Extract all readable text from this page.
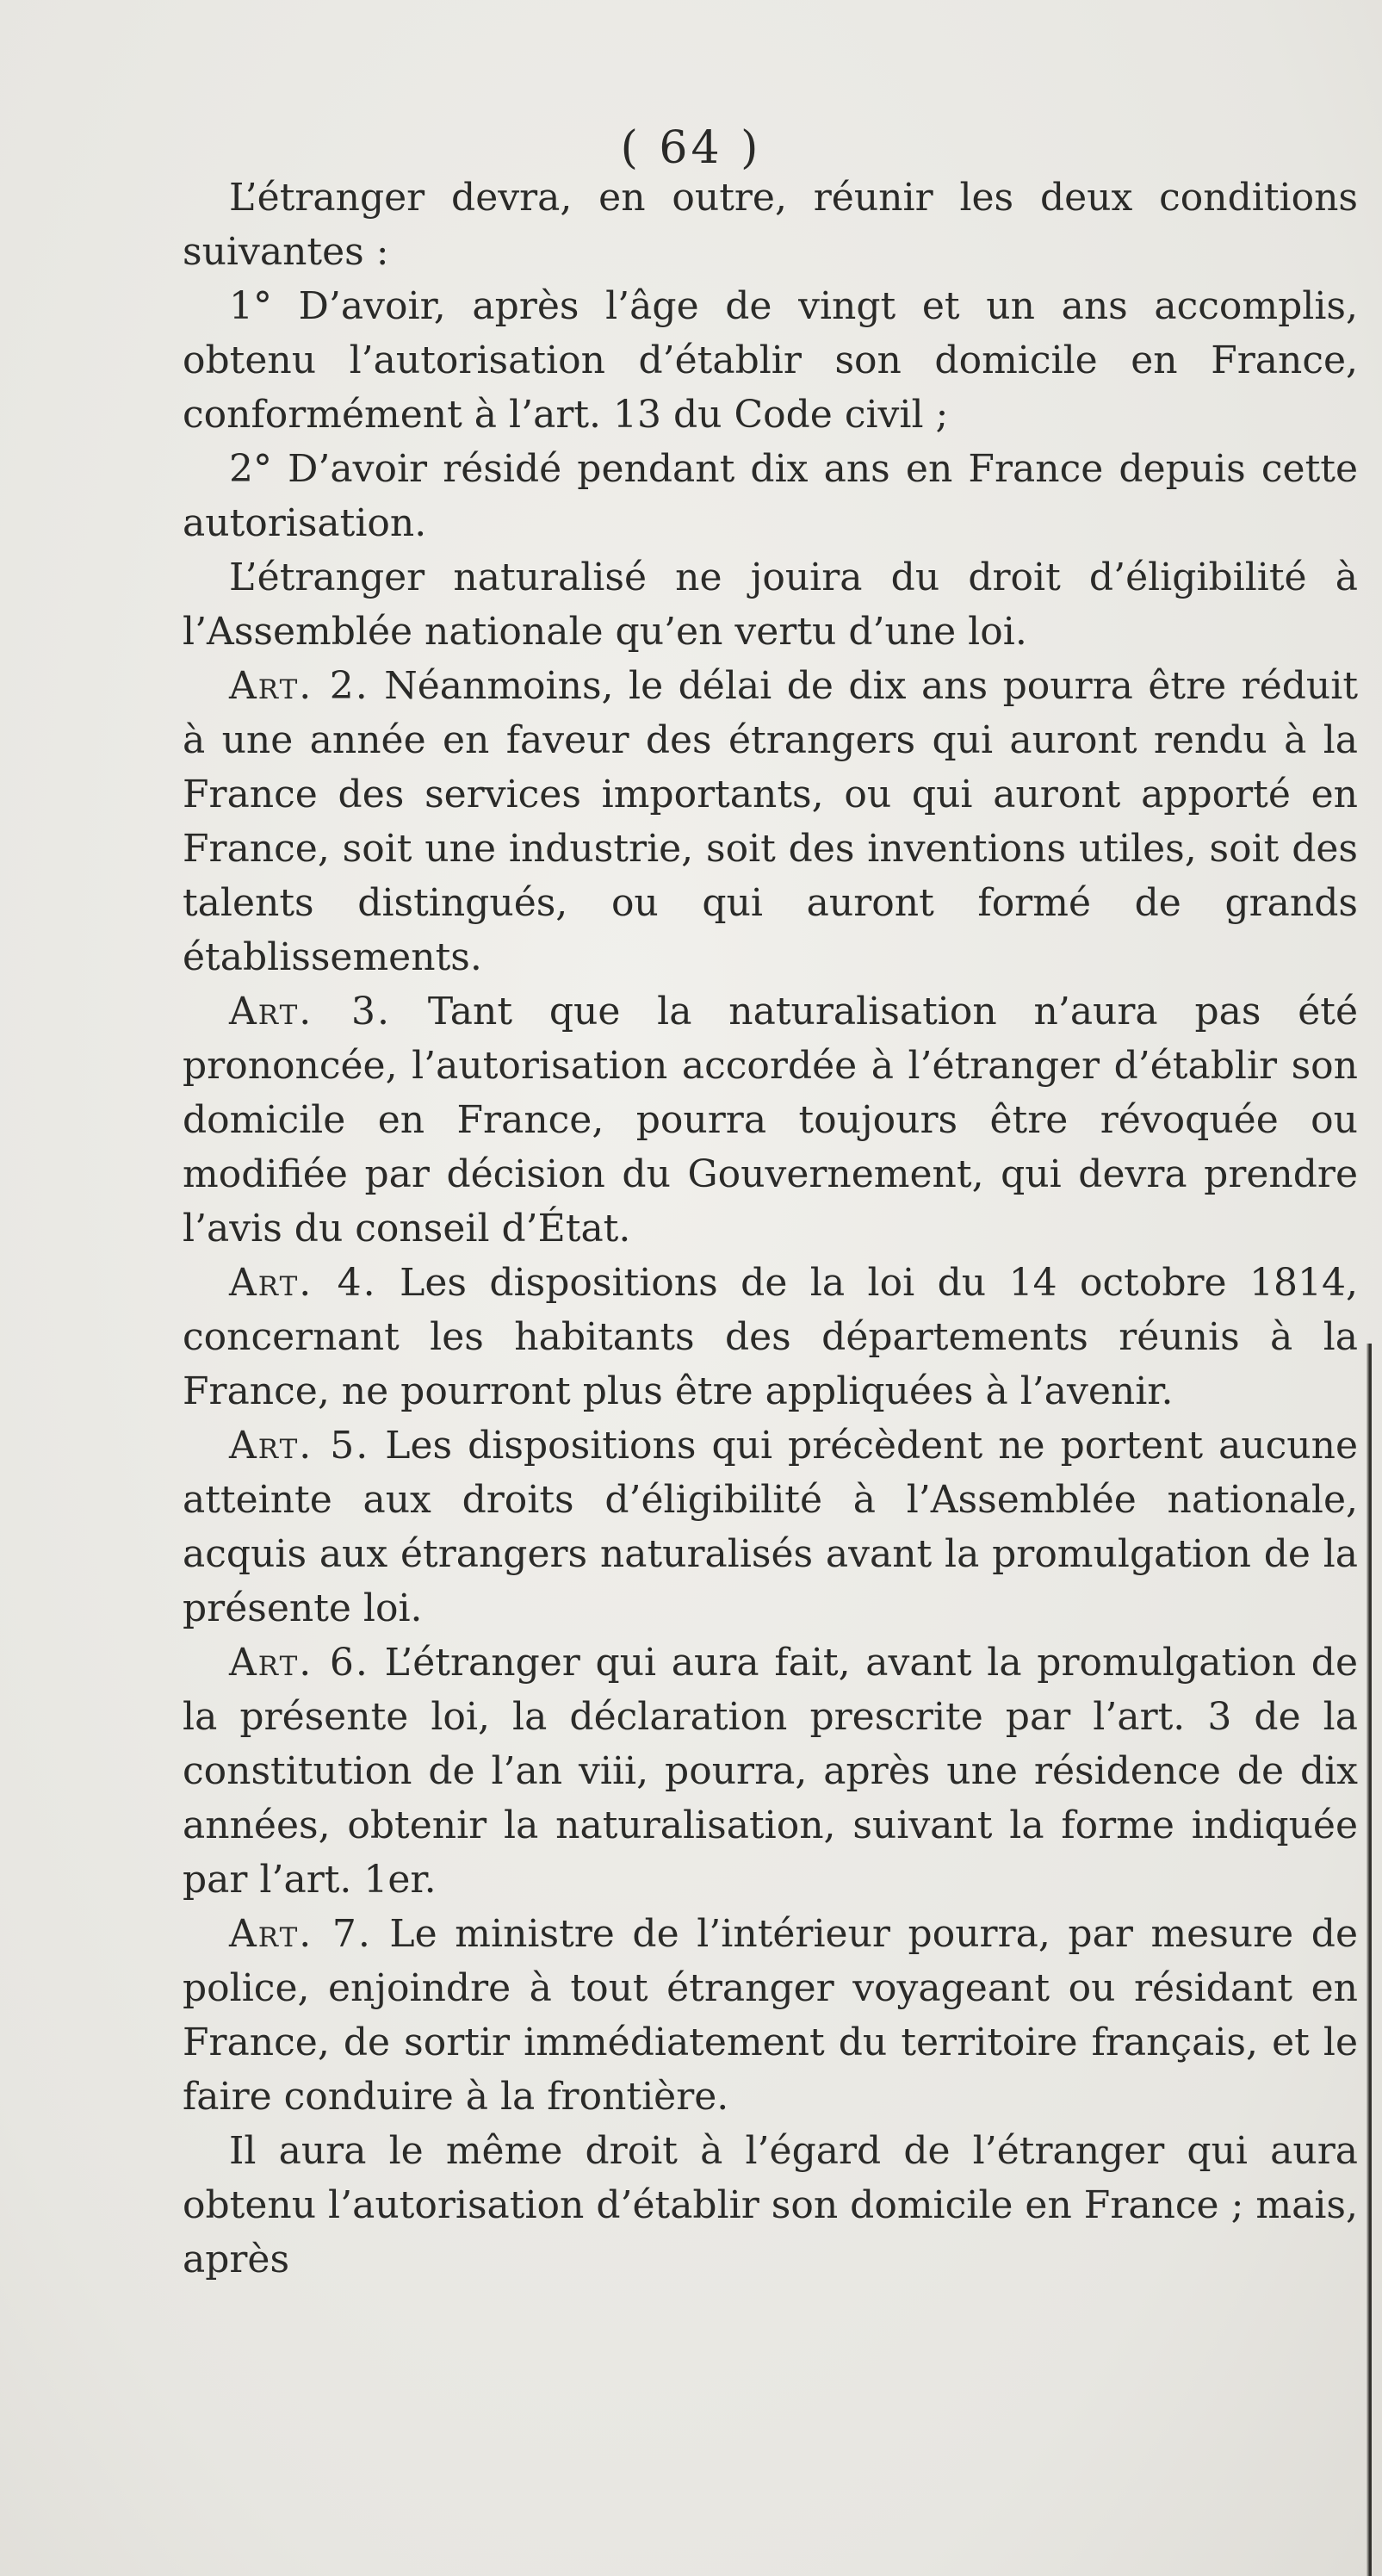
( 64 )

L’étranger devra, en outre, réunir les deux conditions suivantes :

1° D’avoir, après l’âge de vingt et un ans accomplis, obtenu l’autorisation d’établir son domicile en France, conformément à l’art. 13 du Code civil ;

2° D’avoir résidé pendant dix ans en France depuis cette autorisation.

L’étranger naturalisé ne jouira du droit d’éligibilité à l’Assemblée nationale qu’en vertu d’une loi.

Art. 2. Néanmoins, le délai de dix ans pourra être réduit à une année en faveur des étrangers qui auront rendu à la France des services importants, ou qui auront apporté en France, soit une industrie, soit des inventions utiles, soit des talents distingués, ou qui auront formé de grands établissements.

Art. 3. Tant que la naturalisation n’aura pas été prononcée, l’autorisation accordée à l’étranger d’établir son domicile en France, pourra toujours être révoquée ou modifiée par décision du Gouvernement, qui devra prendre l’avis du conseil d’État.

Art. 4. Les dispositions de la loi du 14 octobre 1814, concernant les habitants des départements réunis à la France, ne pourront plus être appliquées à l’avenir.

Art. 5. Les dispositions qui précèdent ne portent aucune atteinte aux droits d’éligibilité à l’Assemblée nationale, acquis aux étrangers naturalisés avant la promulgation de la présente loi.

Art. 6. L’étranger qui aura fait, avant la promulgation de la présente loi, la déclaration prescrite par l’art. 3 de la constitution de l’an viii, pourra, après une résidence de dix années, obtenir la naturalisation, suivant la forme indiquée par l’art. 1er.

Art. 7. Le ministre de l’intérieur pourra, par mesure de police, enjoindre à tout étranger voyageant ou résidant en France, de sortir immédiatement du territoire français, et le faire conduire à la frontière.

Il aura le même droit à l’égard de l’étranger qui aura obtenu l’autorisation d’établir son domicile en France ; mais, après
